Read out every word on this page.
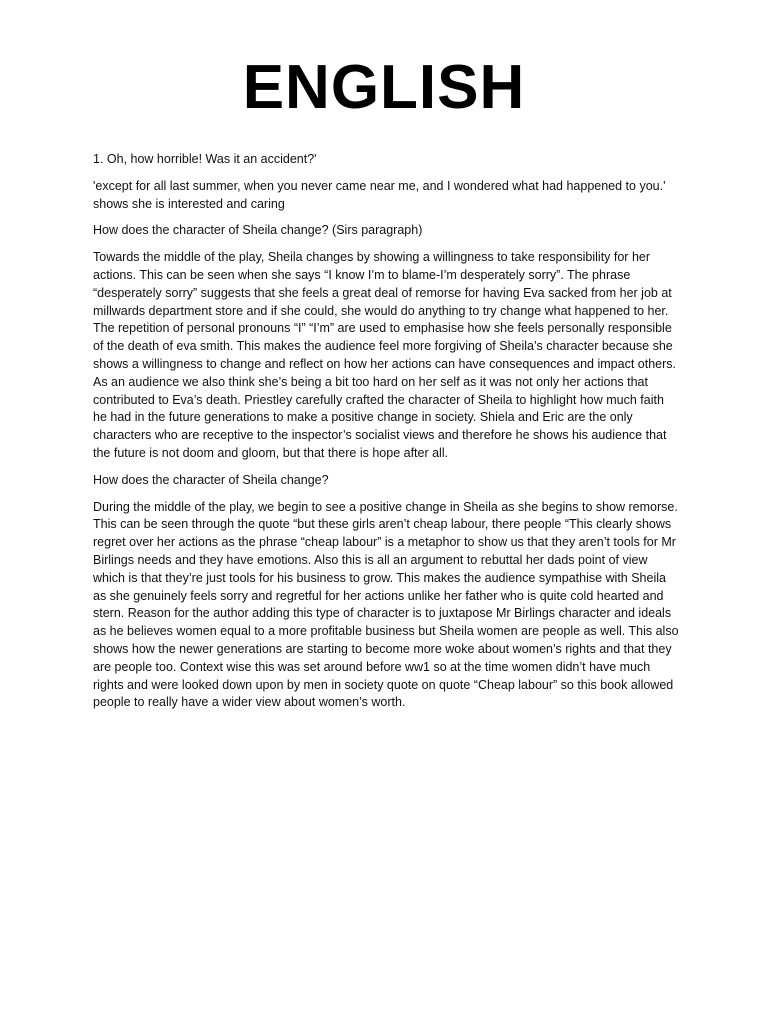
ENGLISH

1. Oh, how horrible! Was it an accident?'

'except for all last summer, when you never came near me, and I wondered what had happened to you.' shows she is interested and caring

How does the character of Sheila change? (Sirs paragraph)

Towards the middle of the play, Sheila changes by showing a willingness to take responsibility for her actions. This can be seen when she says “I know I’m to blame-I’m desperately sorry”. The phrase “desperately sorry” suggests that she feels a great deal of remorse for having Eva sacked from her job at millwards department store and if she could, she would do anything to try change what happened to her. The repetition of personal pronouns “I” “I’m” are used to emphasise how she feels personally responsible of the death of eva smith. This makes the audience feel more forgiving of Sheila’s character because she shows a willingness to change and reflect on how her actions can have consequences and impact others. As an audience we also think she’s being a bit too hard on her self as it was not only her actions that contributed to Eva’s death. Priestley carefully crafted the character of Sheila to highlight how much faith he had in the future generations to make a positive change in society. Shiela and Eric are the only characters who are receptive to the inspector’s socialist views and therefore he shows his audience that the future is not doom and gloom, but that there is hope after all.

How does the character of Sheila change?

During the middle of the play, we begin to see a positive change in Sheila as she begins to show remorse. This can be seen through the quote “but these girls aren’t cheap labour, there people “This clearly shows regret over her actions as the phrase “cheap labour” is a metaphor to show us that they aren’t tools for Mr Birlings needs and they have emotions. Also this is all an argument to rebuttal her dads point of view which is that they’re just tools for his business to grow. This makes the audience sympathise with Sheila as she genuinely feels sorry and regretful for her actions unlike her father who is quite cold hearted and stern. Reason for the author adding this type of character is to juxtapose Mr Birlings character and ideals as he believes women equal to a more profitable business but Sheila women are people as well. This also shows how the newer generations are starting to become more woke about women’s rights and that they are people too. Context wise this was set around before ww1 so at the time women didn’t have much rights and were looked down upon by men in society quote on quote “Cheap labour” so this book allowed people to really have a wider view about women’s worth.
